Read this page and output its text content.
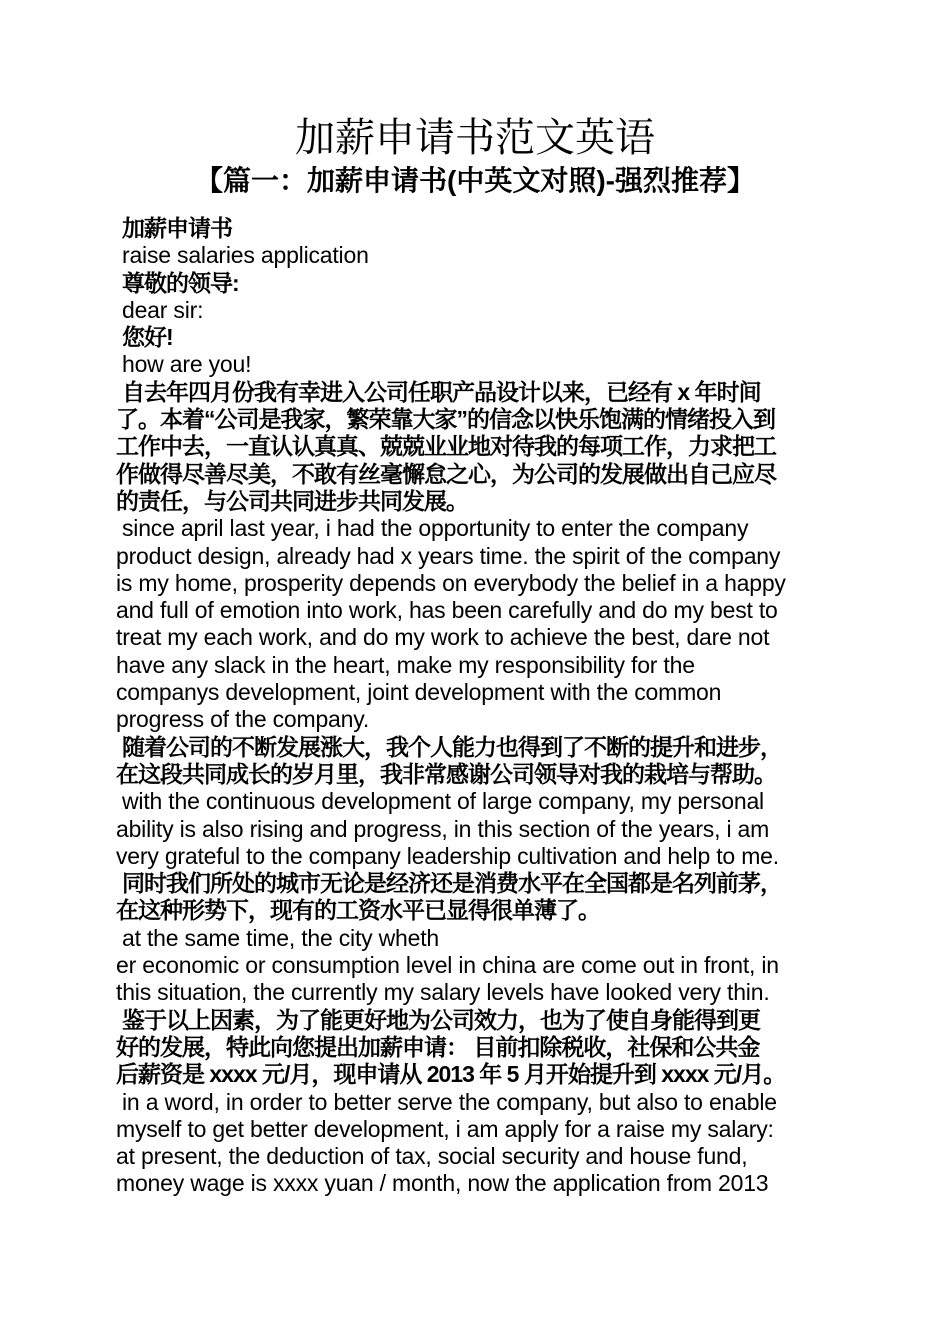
加薪申请书范文英语
【篇一：加薪申请书(中英文对照)-强烈推荐】

加薪申请书

raise salaries application

尊敬的领导:

dear sir:

您好!

how are you!

自去年四月份我有幸进入公司任职产品设计以来，已经有 x 年时间

了。本着“公司是我家，繁荣靠大家”的信念以快乐饱满的情绪投入到

工作中去，一直认认真真、兢兢业业地对待我的每项工作，力求把工

作做得尽善尽美，不敢有丝毫懈怠之心，为公司的发展做出自己应尽

的责任，与公司共同进步共同发展。

since april last year, i had the opportunity to enter the company

product design, already had x years time. the spirit of the company

is my home, prosperity depends on everybody the belief in a happy

and full of emotion into work, has been carefully and do my best to

treat my each work, and do my work to achieve the best, dare not

have any slack in the heart, make my responsibility for the

companys development, joint development with the common

progress of the company.

随着公司的不断发展涨大，我个人能力也得到了不断的提升和进步，

在这段共同成长的岁月里，我非常感谢公司领导对我的栽培与帮助。

with the continuous development of large company, my personal

ability is also rising and progress, in this section of the years, i am

very grateful to the company leadership cultivation and help to me.

同时我们所处的城市无论是经济还是消费水平在全国都是名列前茅，

在这种形势下，现有的工资水平已显得很单薄了。

at the same time, the city wheth

er economic or consumption level in china are come out in front, in

this situation, the currently my salary levels have looked very thin.

鉴于以上因素，为了能更好地为公司效力，也为了使自身能得到更

好的发展，特此向您提出加薪申请： 目前扣除税收，社保和公共金

后薪资是 xxxx 元/月，现申请从 2013 年 5 月开始提升到 xxxx 元/月。

in a word, in order to better serve the company, but also to enable

myself to get better development, i am apply for a raise my salary:

at present, the deduction of tax, social security and house fund,

money wage is xxxx yuan / month, now the application from 2013
